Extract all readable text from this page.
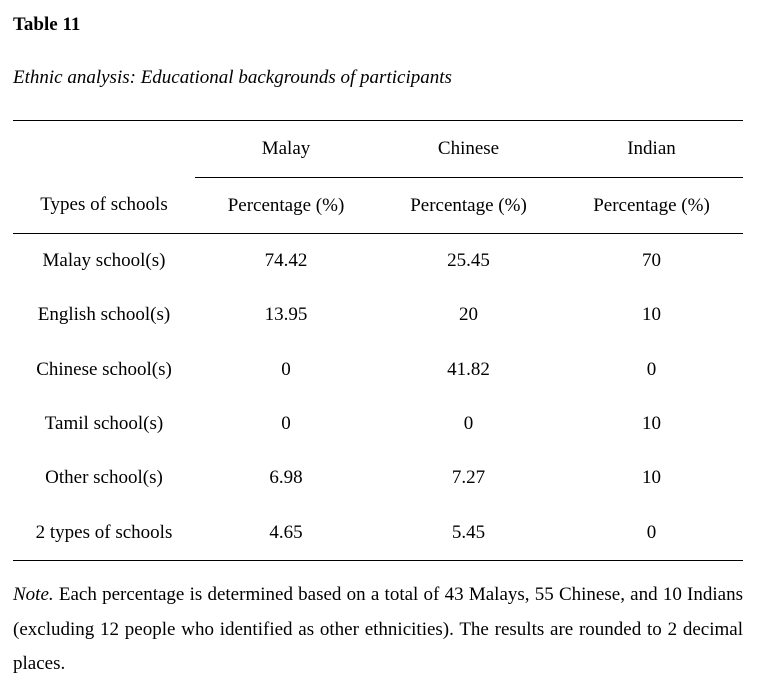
Table 11
Ethnic analysis: Educational backgrounds of participants
	Malay	Chinese	Indian
Types of schools	Percentage (%)	Percentage (%)	Percentage (%)
Malay school(s)	74.42	25.45	70
English school(s)	13.95	20	10
Chinese school(s)	0	41.82	0
Tamil school(s)	0	0	10
Other school(s)	6.98	7.27	10
2 types of schools	4.65	5.45	0
Note. Each percentage is determined based on a total of 43 Malays, 55 Chinese, and 10 Indians (excluding 12 people who identified as other ethnicities). The results are rounded to 2 decimal places.
